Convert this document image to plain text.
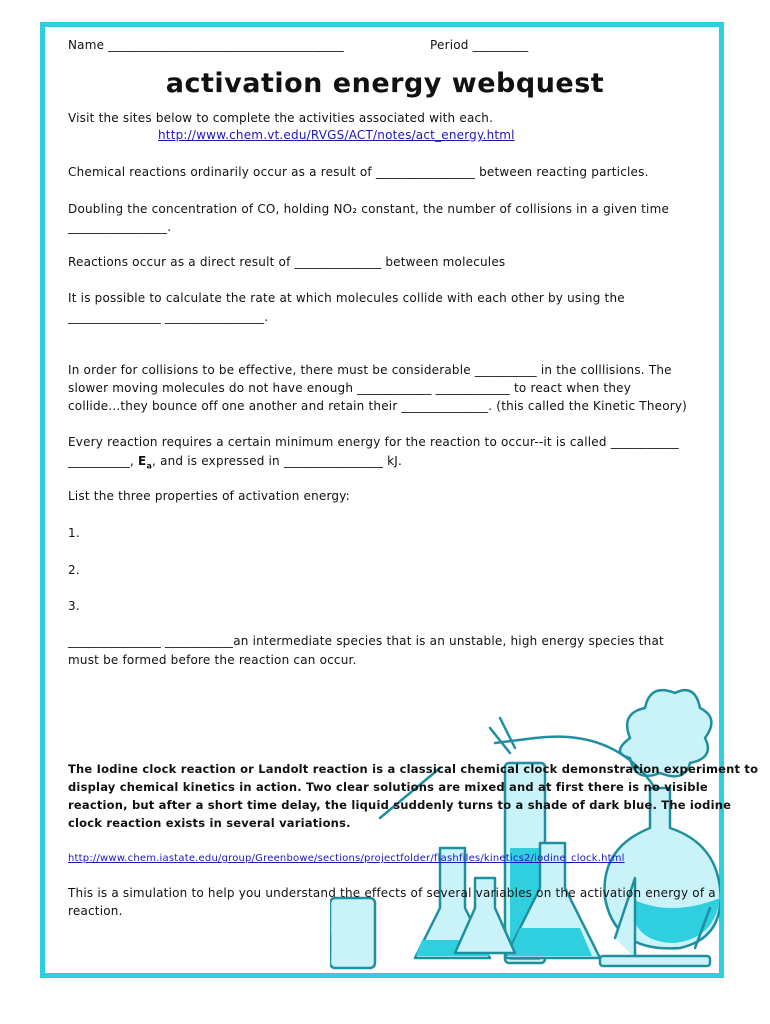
Name ______________________________________	Period _________
activation energy webquest
Visit the sites below to complete the activities associated with each.
http://www.chem.vt.edu/RVGS/ACT/notes/act_energy.html
Chemical reactions ordinarily occur as a result of ________________ between reacting particles.
Doubling the concentration of CO, holding NO₂ constant, the number of collisions in a given time
________________.
Reactions occur as a direct result of ______________ between molecules
It is possible to calculate the rate at which molecules collide with each other by using the
_______________ ________________.
In order for collisions to be effective, there must be considerable __________ in the colllisions. The
slower moving molecules do not have enough ____________ ____________ to react when they
collide...they bounce off one another and retain their ______________. (this called the Kinetic Theory)
Every reaction requires a certain minimum energy for the reaction to occur--it is called ___________
__________, $E_a$, and is expressed in ________________ kJ.
List the three properties of activation energy:
1.
2.
3.
_______________ ___________an intermediate species that is an unstable, high energy species that
must be formed before the reaction can occur.
The Iodine clock reaction or Landolt reaction is a classical chemical clock demonstration experiment to
display chemical kinetics in action. Two clear solutions are mixed and at first there is no visible
reaction, but after a short time delay, the liquid suddenly turns to a shade of dark blue. The iodine
clock reaction exists in several variations.
http://www.chem.iastate.edu/group/Greenbowe/sections/projectfolder/flashfiles/kinetics2/iodine_clock.html
This is a simulation to help you understand the effects of several variables on the activation energy of a
reaction.
